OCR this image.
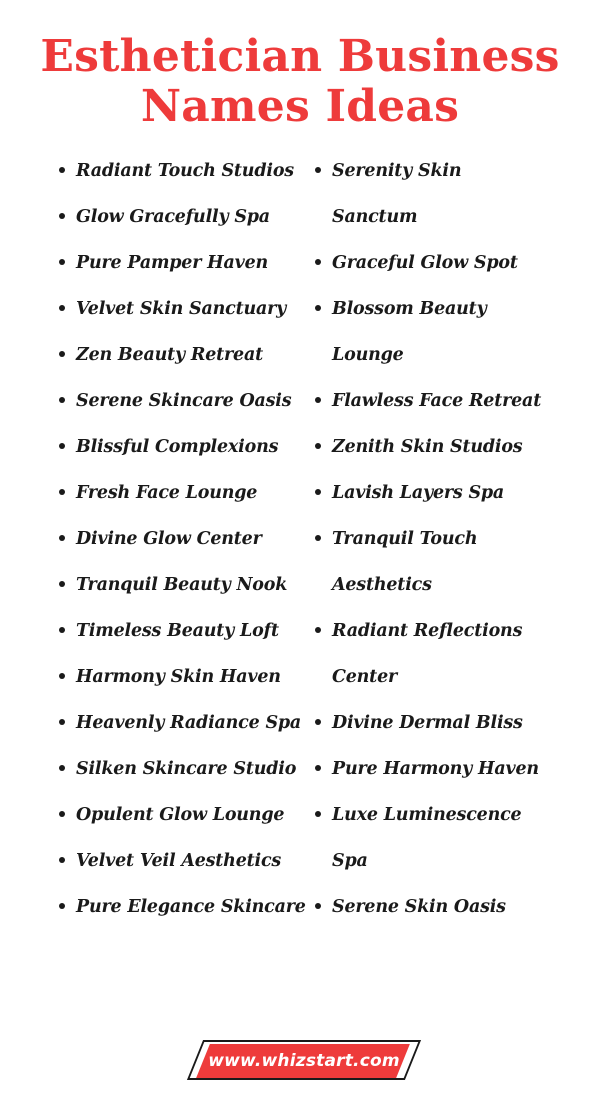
Esthetician Business
Names Ideas
Radiant Touch Studios
Glow Gracefully Spa
Pure Pamper Haven
Velvet Skin Sanctuary
Zen Beauty Retreat
Serene Skincare Oasis
Blissful Complexions
Fresh Face Lounge
Divine Glow Center
Tranquil Beauty Nook
Timeless Beauty Loft
Harmony Skin Haven
Heavenly Radiance Spa
Silken Skincare Studio
Opulent Glow Lounge
Velvet Veil Aesthetics
Pure Elegance Skincare
Serenity Skin Sanctum
Graceful Glow Spot
Blossom Beauty Lounge
Flawless Face Retreat
Zenith Skin Studios
Lavish Layers Spa
Tranquil Touch Aesthetics
Radiant Reflections Center
Divine Dermal Bliss
Pure Harmony Haven
Luxe Luminescence Spa
Serene Skin Oasis
www.whizstart.com
